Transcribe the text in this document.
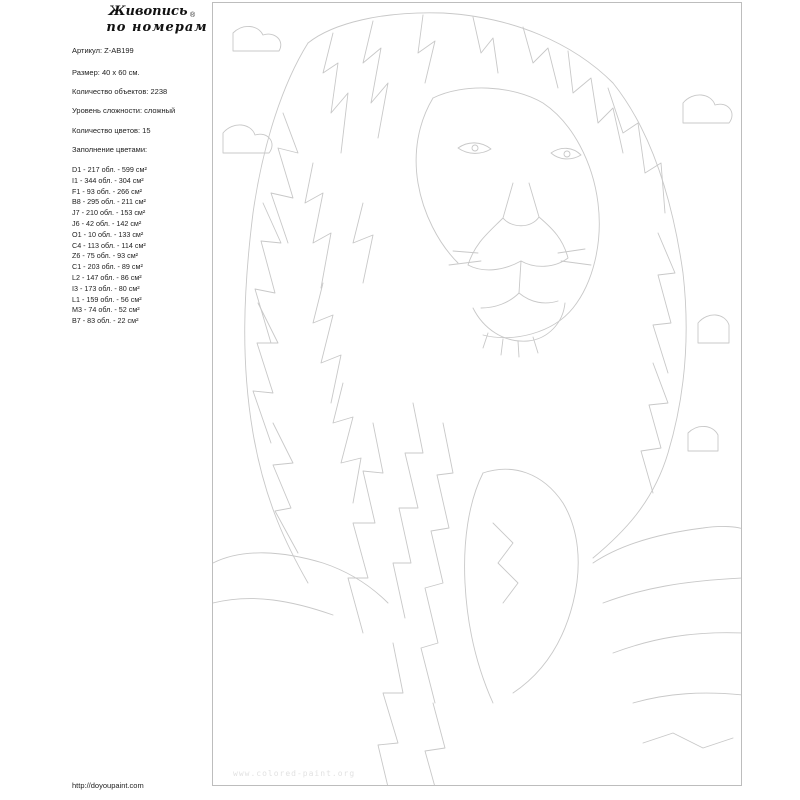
Живопись

по номерам
®
Артикул: Z-AB199
Размер: 40 х 60 см.
Количество объектов: 2238
Уровень сложности: сложный
Количество цветов: 15
Заполнение цветами:
D1 - 217 обл. - 599 см²
I1 - 344 обл. - 304 см²
F1 - 93 обл. - 266 см²
B8 - 295 обл. - 211 см²
J7 - 210 обл. - 153 см²
J6 - 42 обл. - 142 см²
O1 - 10 обл. - 133 см²
C4 - 113 обл. - 114 см²
Z6 - 75 обл. - 93 см²
C1 - 203 обл. - 89 см²
L2 - 147 обл. - 86 см²
I3 - 173 обл. - 80 см²
L1 - 159 обл. - 56 см²
M3 - 74 обл. - 52 см²
B7 - 83 обл. - 22 см²
http://doyoupaint.com
www.colored-paint.org
